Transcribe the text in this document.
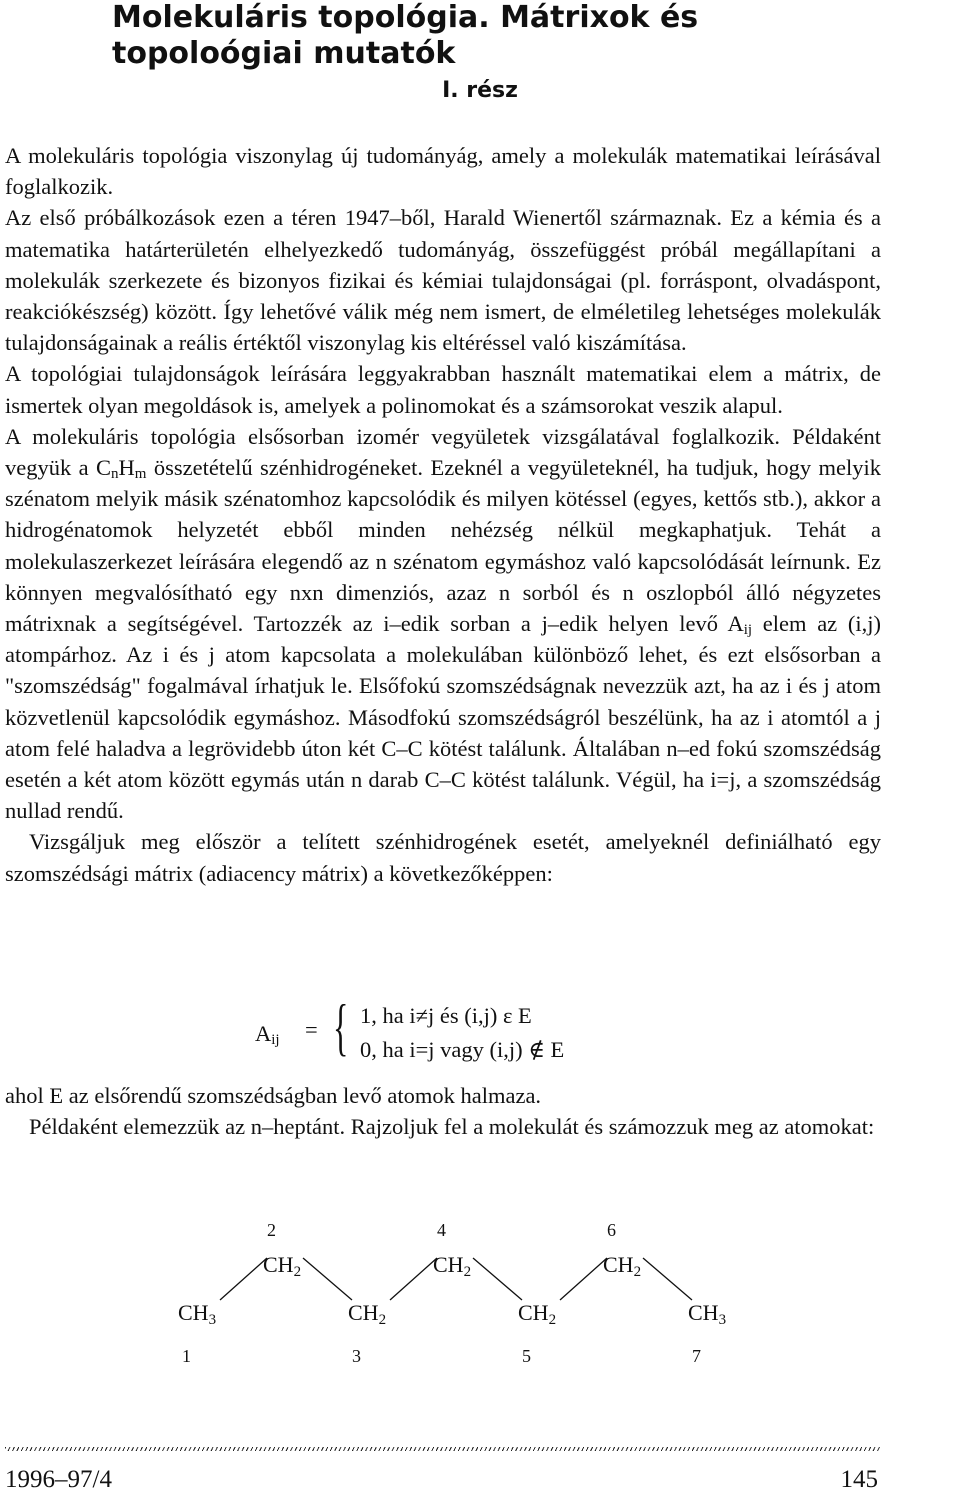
Molekuláris topológia. Mátrixok és topoloógiai mutatók
I. rész

A molekuláris topológia viszonylag új tudományág, amely a molekulák matematikai leírásával foglalkozik.

Az első próbálkozások ezen a téren 1947–ből, Harald Wienertől származnak. Ez a kémia és a matematika határterületén elhelyezkedő tudományág, összefüggést próbál megállapítani a molekulák szerkezete és bizonyos fizikai és kémiai tulajdonságai (pl. forráspont, olvadáspont, reakciókészség) között. Így lehetővé válik még nem ismert, de elméletileg lehetséges molekulák tulajdonságainak a reális értéktől viszonylag kis eltéréssel való kiszámítása.

A topológiai tulajdonságok leírására leggyakrabban használt matematikai elem a mátrix, de ismertek olyan megoldások is, amelyek a polinomokat és a számsorokat veszik alapul.

A molekuláris topológia elsősorban izomér vegyületek vizsgálatával foglalkozik. Példaként vegyük a $C_nH_m$ összetételű szénhidrogéneket. Ezeknél a vegyületeknél, ha tudjuk, hogy melyik szénatom melyik másik szénatomhoz kapcsolódik és milyen kötéssel (egyes, kettős stb.), akkor a hidrogénatomok helyzetét ebből minden nehézség nélkül megkaphatjuk. Tehát a molekulaszerkezet leírására elegendő az n szénatom egymáshoz való kapcsolódását leírnunk. Ez könnyen megvalósítható egy nxn dimenziós, azaz n sorból és n oszlopból álló négyzetes mátrixnak a segítségével. Tartozzék az i–edik sorban a j–edik helyen levő $A_{ij}$ elem az (i,j) atompárhoz. Az i és j atom kapcsolata a molekulában különböző lehet, és ezt elsősorban a "szomszédság" fogalmával írhatjuk le. Elsőfokú szomszédságnak nevezzük azt, ha az i és j atom közvetlenül kapcsolódik egymáshoz. Másodfokú szomszédságról beszélünk, ha az i atomtól a j atom felé haladva a legrövidebb úton két C–C kötést találunk. Általában n–ed fokú szomszédság esetén a két atom között egymás után n darab C–C kötést találunk. Végül, ha i=j, a szomszédság nullad rendű.

Vizsgáljuk meg először a telített szénhidrogének esetét, amelyeknél definiálható egy szomszédsági mátrix (adiacency mátrix) a következőképpen:

$A_{ij}$ = { 1, ha i≠j és (i,j) ε E
0, ha i=j vagy (i,j) ∉ E

ahol E az elsőrendű szomszédságban levő atomok halmaza.

Példaként elemezzük az n–heptánt. Rajzoljuk fel a molekulát és számozzuk meg az atomokat:

CH3
1
CH2
2
CH2
3
CH2
4
CH2
5
CH2
6
CH3
7
1996–97/4	145
